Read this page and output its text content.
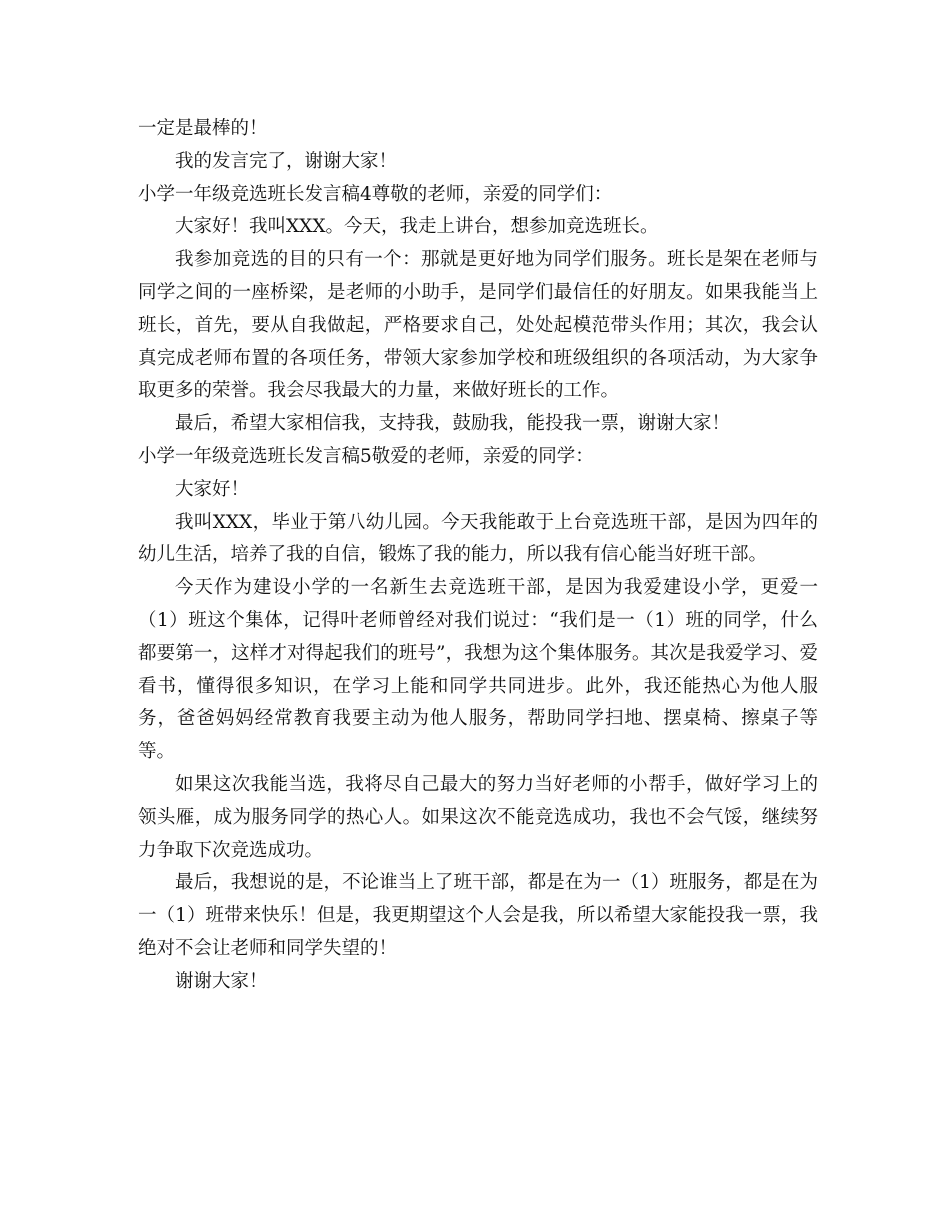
一定是最棒的！

我的发言完了，谢谢大家！

小学一年级竞选班长发言稿4尊敬的老师，亲爱的同学们：

大家好！我叫XXX。今天，我走上讲台，想参加竞选班长。

我参加竞选的目的只有一个：那就是更好地为同学们服务。班长是架在老师与同学之间的一座桥梁，是老师的小助手，是同学们最信任的好朋友。如果我能当上班长，首先，要从自我做起，严格要求自己，处处起模范带头作用；其次，我会认真完成老师布置的各项任务，带领大家参加学校和班级组织的各项活动，为大家争取更多的荣誉。我会尽我最大的力量，来做好班长的工作。

最后，希望大家相信我，支持我，鼓励我，能投我一票，谢谢大家！

小学一年级竞选班长发言稿5敬爱的老师，亲爱的同学：

大家好！

我叫XXX，毕业于第八幼儿园。今天我能敢于上台竞选班干部，是因为四年的幼儿生活，培养了我的自信，锻炼了我的能力，所以我有信心能当好班干部。

今天作为建设小学的一名新生去竞选班干部，是因为我爱建设小学，更爱一（1）班这个集体，记得叶老师曾经对我们说过：“我们是一（1）班的同学，什么都要第一，这样才对得起我们的班号”，我想为这个集体服务。其次是我爱学习、爱看书，懂得很多知识，在学习上能和同学共同进步。此外，我还能热心为他人服务，爸爸妈妈经常教育我要主动为他人服务，帮助同学扫地、摆桌椅、擦桌子等等。

如果这次我能当选，我将尽自己最大的努力当好老师的小帮手，做好学习上的领头雁，成为服务同学的热心人。如果这次不能竞选成功，我也不会气馁，继续努力争取下次竞选成功。

最后，我想说的是，不论谁当上了班干部，都是在为一（1）班服务，都是在为一（1）班带来快乐！但是，我更期望这个人会是我，所以希望大家能投我一票，我绝对不会让老师和同学失望的！

谢谢大家！
